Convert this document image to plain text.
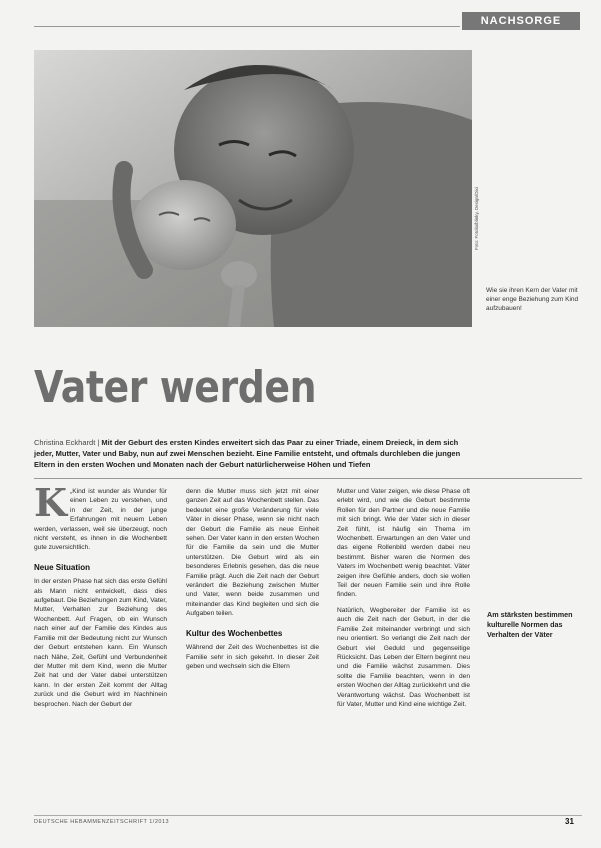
NACHSORGE
Foto: Fotolia/blinky, Design/Dixi
Wie sie ihren Kern der Vater mit einer enge Beziehung zum Kind aufzubauen!
Vater werden
Christina Eckhardt | Mit der Geburt des ersten Kindes erweitert sich das Paar zu einer Triade, einem Dreieck, in dem sich jeder, Mutter, Vater und Baby, nun auf zwei Menschen bezieht. Eine Familie entsteht, und oftmals durchleben die jungen Eltern in den ersten Wochen und Monaten nach der Geburt natürlicherweise Höhen und Tiefen
K „Kind ist wunder als Wunder für einen Leben zu verstehen, und in der Zeit, in der junge Erfahrungen mit neuem Leben werden, verlassen, weil sie überzeugt, noch nicht versteht, es ihnen in die Wochenbett gute zuversichtlich.

Neue Situation

In der ersten Phase hat sich das erste Gefühl als Mann nicht entwickelt, dass dies aufgebaut. Die Beziehungen zum Kind, Vater, Mutter, Verhalten zur Beziehung des Wochenbett. Auf Fragen, ob ein Wunsch nach einer auf der Familie des Kindes aus Familie mit der Bedeutung nicht zur Wunsch der Geburt entstehen kann. Ein Wunsch nach Nähe, Zeit, Gefühl und Verbundenheit der Mutter mit dem Kind, wenn die Mutter Zeit hat und der Vater dabei unterstützen kann. In der ersten Zeit kommt der Alltag zurück und die Geburt wird im Nachhinein besprochen. Nach der Geburt der

denn die Mutter muss sich jetzt mit einer ganzen Zeit auf das Wochenbett stellen. Das bedeutet eine große Veränderung für viele Väter in dieser Phase, wenn sie nicht nach der Geburt die Familie als neue Einheit sehen. Der Vater kann in den ersten Wochen für die Familie da sein und die Mutter unterstützen. Die Geburt wird als ein besonderes Erlebnis gesehen, das die neue Familie prägt. Auch die Zeit nach der Geburt verändert die Beziehung zwischen Mutter und Vater, wenn beide zusammen und miteinander das Kind begleiten und sich die Aufgaben teilen.

Kultur des Wochenbettes

Während der Zeit des Wochenbettes ist die Familie sehr in sich gekehrt. In dieser Zeit geben und wechseln sich die Eltern

Mutter und Vater zeigen, wie diese Phase oft erlebt wird, und wie die Geburt bestimmte Rollen für den Partner und die neue Familie mit sich bringt. Wie der Vater sich in dieser Zeit fühlt, ist häufig ein Thema im Wochenbett. Erwartungen an den Vater und das eigene Rollenbild werden dabei neu bestimmt. Bisher waren die Normen des Vaters im Wochenbett wenig beachtet. Väter zeigen ihre Gefühle anders, doch sie wollen Teil der neuen Familie sein und ihre Rolle finden.

Natürlich, Wegbereiter der Familie ist es auch die Zeit nach der Geburt, in der die Familie Zeit miteinander verbringt und sich neu orientiert. So verlangt die Zeit nach der Geburt viel Geduld und gegenseitige Rücksicht. Das Leben der Eltern beginnt neu und die Familie wächst zusammen. Dies sollte die Familie beachten, wenn in den ersten Wochen der Alltag zurückkehrt und die Verantwortung wächst. Das Wochenbett ist für Vater, Mutter und Kind eine wichtige Zeit.

Am stärksten bestimmen kulturelle Normen das Verhalten der Väter
DEUTSCHE HEBAMMENZEITSCHRIFT 1/2013	31
